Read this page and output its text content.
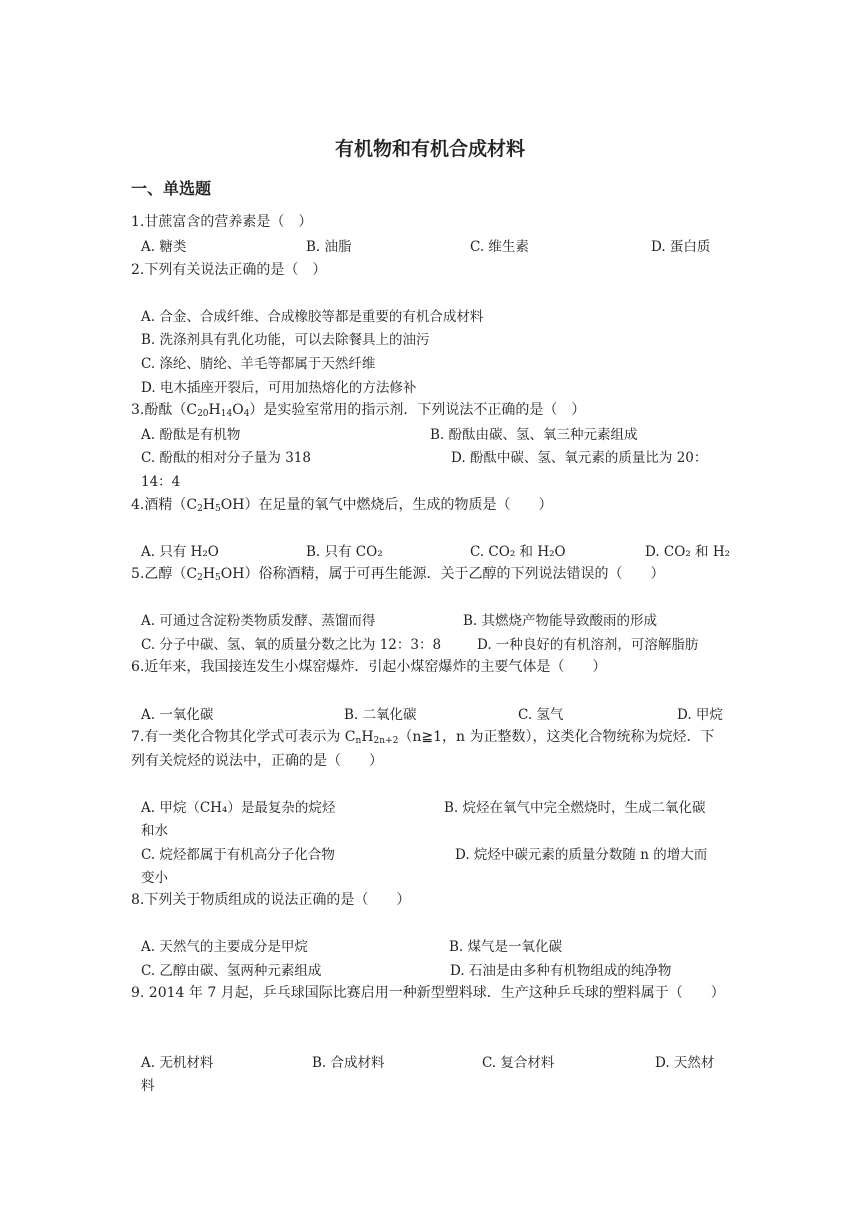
有机物和有机合成材料
一、单选题
1.甘蔗富含的营养素是（　）
A. 糖类	B. 油脂	C. 维生素	D. 蛋白质
2.下列有关说法正确的是（　）
A. 合金、合成纤维、合成橡胶等都是重要的有机合成材料
B. 洗涤剂具有乳化功能，可以去除餐具上的油污
C. 涤纶、腈纶、羊毛等都属于天然纤维
D. 电木插座开裂后，可用加热熔化的方法修补
3.酚酞$(C_{20}H_{14}O_4)$是实验室常用的指示剂．下列说法不正确的是（　）
A. 酚酞是有机物	B. 酚酞由碳、氢、氧三种元素组成
C. 酚酞的相对分子量为 318	D. 酚酞中碳、氢、氧元素的质量比为 20：
14：4
4.酒精$(C_2H_5OH)$在足量的氧气中燃烧后，生成的物质是（　　）
A. 只有 H₂O	B. 只有 CO₂	C. CO₂ 和 H₂O	D. CO₂ 和 H₂
5.乙醇$(C_2H_5OH)$俗称酒精，属于可再生能源．关于乙醇的下列说法错误的（　　）
A. 可通过含淀粉类物质发酵、蒸馏而得	B. 其燃烧产物能导致酸雨的形成
C. 分子中碳、氢、氧的质量分数之比为 12：3：8	D. 一种良好的有机溶剂，可溶解脂肪
6.近年来，我国接连发生小煤窑爆炸．引起小煤窑爆炸的主要气体是（　　）
A. 一氧化碳	B. 二氧化碳	C. 氢气	D. 甲烷
7.有一类化合物其化学式可表示为 $C_nH_{2n+2}(n≧1$，n 为正整数），这类化合物统称为烷烃．下
列有关烷烃的说法中，正确的是（　　）
A. 甲烷（CH₄）是最复杂的烷烃	B. 烷烃在氧气中完全燃烧时，生成二氧化碳
和水
C. 烷烃都属于有机高分子化合物	D. 烷烃中碳元素的质量分数随 n 的增大而
变小
8.下列关于物质组成的说法正确的是（　　）
A. 天然气的主要成分是甲烷	B. 煤气是一氧化碳
C. 乙醇由碳、氢两种元素组成	D. 石油是由多种有机物组成的纯净物
9. 2014 年 7 月起，乒乓球国际比赛启用一种新型塑料球．生产这种乒乓球的塑料属于（　　）
A. 无机材料	B. 合成材料	C. 复合材料	D. 天然材
料
